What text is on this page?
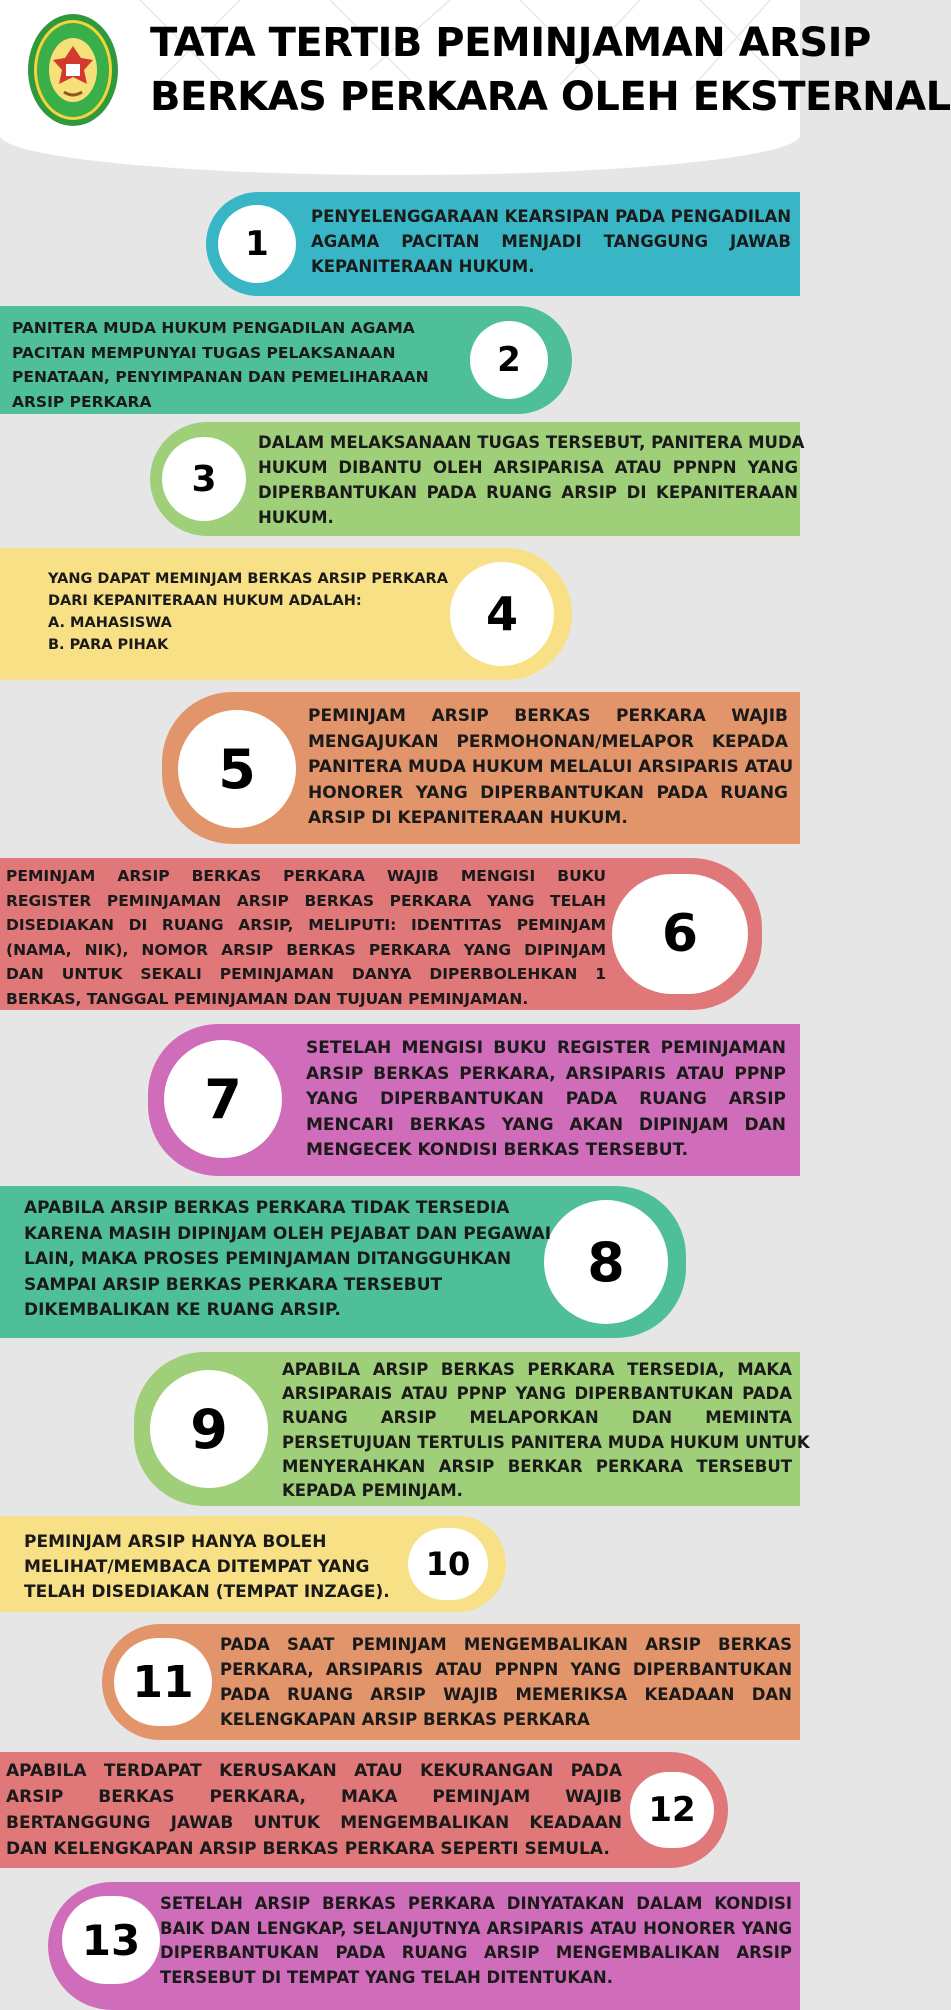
TATA TERTIB PEMINJAMAN ARSIP
BERKAS PERKARA OLEH EKSTERNAL
1
PENYELENGGARAAN KEARSIPAN PADA PENGADILAN
AGAMA PACITAN MENJADI TANGGUNG JAWAB
KEPANITERAAN HUKUM.
2
PANITERA MUDA HUKUM PENGADILAN AGAMA PACITAN MEMPUNYAI TUGAS PELAKSANAAN PENATAAN, PENYIMPANAN DAN PEMELIHARAAN ARSIP PERKARA
3
DALAM MELAKSANAAN TUGAS TERSEBUT, PANITERA MUDA
HUKUM DIBANTU OLEH ARSIPARISA ATAU PPNPN YANG
DIPERBANTUKAN PADA RUANG ARSIP DI KEPANITERAAN
HUKUM.
4
YANG DAPAT MEMINJAM BERKAS ARSIP PERKARA DARI KEPANITERAAN HUKUM ADALAH:
A. MAHASISWA
B. PARA PIHAK
5
PEMINJAM ARSIP BERKAS PERKARA WAJIB
MENGAJUKAN PERMOHONAN/MELAPOR KEPADA
PANITERA MUDA HUKUM MELALUI ARSIPARIS ATAU
HONORER YANG DIPERBANTUKAN PADA RUANG
ARSIP DI KEPANITERAAN HUKUM.
6
PEMINJAM ARSIP BERKAS PERKARA WAJIB MENGISI BUKU
REGISTER PEMINJAMAN ARSIP BERKAS PERKARA YANG TELAH
DISEDIAKAN DI RUANG ARSIP, MELIPUTI: IDENTITAS PEMINJAM
(NAMA, NIK), NOMOR ARSIP BERKAS PERKARA YANG DIPINJAM
DAN UNTUK SEKALI PEMINJAMAN DANYA DIPERBOLEHKAN 1
BERKAS, TANGGAL PEMINJAMAN DAN TUJUAN PEMINJAMAN.
7
SETELAH MENGISI BUKU REGISTER PEMINJAMAN
ARSIP BERKAS PERKARA, ARSIPARIS ATAU PPNP
YANG DIPERBANTUKAN PADA RUANG ARSIP
MENCARI BERKAS YANG AKAN DIPINJAM DAN
MENGECEK KONDISI BERKAS TERSEBUT.
8
APABILA ARSIP BERKAS PERKARA TIDAK TERSEDIA KARENA MASIH DIPINJAM OLEH PEJABAT DAN PEGAWAI LAIN, MAKA PROSES PEMINJAMAN DITANGGUHKAN SAMPAI ARSIP BERKAS PERKARA TERSEBUT DIKEMBALIKAN KE RUANG ARSIP.
9
APABILA ARSIP BERKAS PERKARA TERSEDIA, MAKA
ARSIPARAIS ATAU PPNP YANG DIPERBANTUKAN PADA
RUANG ARSIP MELAPORKAN DAN MEMINTA
PERSETUJUAN TERTULIS PANITERA MUDA HUKUM UNTUK
MENYERAHKAN ARSIP BERKAR PERKARA TERSEBUT
KEPADA PEMINJAM.
10
PEMINJAM ARSIP HANYA BOLEH MELIHAT/MEMBACA DITEMPAT YANG TELAH DISEDIAKAN (TEMPAT INZAGE).
11
PADA SAAT PEMINJAM MENGEMBALIKAN ARSIP BERKAS
PERKARA, ARSIPARIS ATAU PPNPN YANG DIPERBANTUKAN
PADA RUANG ARSIP WAJIB MEMERIKSA KEADAAN DAN
KELENGKAPAN ARSIP BERKAS PERKARA
12
APABILA TERDAPAT KERUSAKAN ATAU KEKURANGAN PADA
ARSIP BERKAS PERKARA, MAKA PEMINJAM WAJIB
BERTANGGUNG JAWAB UNTUK MENGEMBALIKAN KEADAAN
DAN KELENGKAPAN ARSIP BERKAS PERKARA SEPERTI SEMULA.
13
SETELAH ARSIP BERKAS PERKARA DINYATAKAN DALAM KONDISI
BAIK DAN LENGKAP, SELANJUTNYA ARSIPARIS ATAU HONORER YANG
DIPERBANTUKAN PADA RUANG ARSIP MENGEMBALIKAN ARSIP
TERSEBUT DI TEMPAT YANG TELAH DITENTUKAN.
